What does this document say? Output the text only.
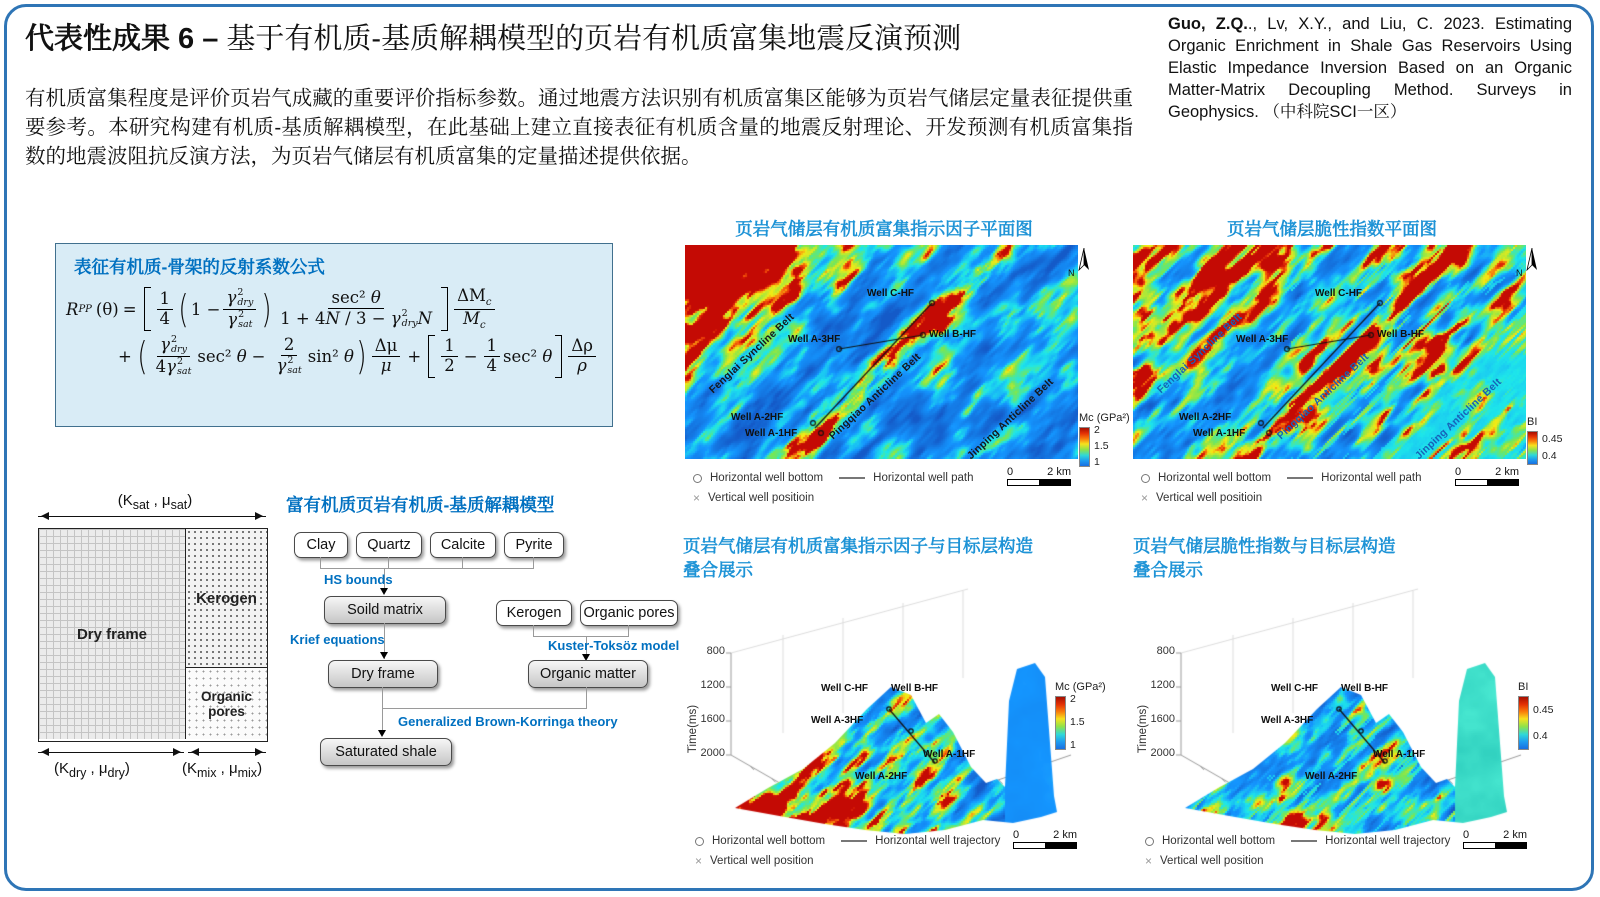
代表性成果 6 – 基于有机质-基质解耦模型的页岩有机质富集地震反演预测	Guo, Z.Q.., Lv, X.Y., and Liu, C. 2023. Estimating Organic Enrichment in Shale Gas Reservoirs Using Elastic Impedance Inversion Based on an Organic Matter-Matrix Decoupling Method. Surveys in Geophysics. （中科院SCI一区）
有机质富集程度是评价页岩气成藏的重要评价指标参数。通过地震方法识别有机质富集区能够为页岩气储层定量表征提供重要参考。本研究构建有机质-基质解耦模型，在此基础上建立直接表征有机质含量的地震反射理论、开发预测有机质富集指数的地震波阻抗反演方法，为页岩气储层有机质富集的定量描述提供依据。
表征有机质-骨架的反射系数公式
R PP $(\theta) = \frac{1}{4}$ ( 1 −
γ 2
dry
γ 2
sat )	sec² θ
1 + 4N / 3 − γ 2
dry N
$\Delta M_c$
$M_c$
+ ( γ 2
dry
4γ 2
sat
sec²
θ −
2
γ 2
sat
sin²
θ ) Δμ
μ +
1
$2 - \frac{1}{4} \sec^2$
θ
Δρ
ρ
($K_{sat}$ , $\mu_{sat}$)
Dry frame
Kerogen
Organic pores
($K_{dry}$ , $\mu_{dry}$)	($K_{mix}$ , $\mu_{mix}$)
富有机质页岩有机质-基质解耦模型
Clay	Quartz	Calcite	Pyrite
HS bounds
Soild matrix
Krief equations
Dry frame
Kerogen	Organic pores
Kuster-Toksöz model
Organic matter
Generalized Brown-Korringa theory
Saturated shale
页岩气储层有机质富集指示因子平面图
N
Mc (GPa²)
2
1.5
1
0	2 km
Horizontal well bottom	Horizontal well path
× Vertical well positioin
Fenglai Syncline Belt	Pingqiao Anticline Belt	Jinping Anticline Belt
Well C-HF
Well B-HF
Well A-3HF
Well A-2HF
Well A-1HF
页岩气储层脆性指数平面图
N
BI
0.45
0.4
0	2 km
Horizontal well bottom	Horizontal well path
× Vertical well positioin
Fenglai Syncline Belt	Pingqiao Anticline Belt	Jinping Anticline Belt
Well C-HF
Well B-HF
Well A-3HF
Well A-2HF
Well A-1HF
页岩气储层有机质富集指示因子与目标层构造
叠合展示
Time(ms)
800
1200
1600
2000
Mc (GPa²)
2
1.5
1
0	2 km
Horizontal well bottom	Horizontal well trajectory
× Vertical well position
Well C-HF Well B-HF
Well A-3HF
Well A-2HF
Well A-1HF
页岩气储层脆性指数与目标层构造
叠合展示
Time(ms)
800
1200
1600
2000
BI
0.45
0.4
0	2 km
Horizontal well bottom	Horizontal well trajectory
× Vertical well position
Well C-HF Well B-HF
Well A-3HF
Well A-2HF
Well A-1HF
